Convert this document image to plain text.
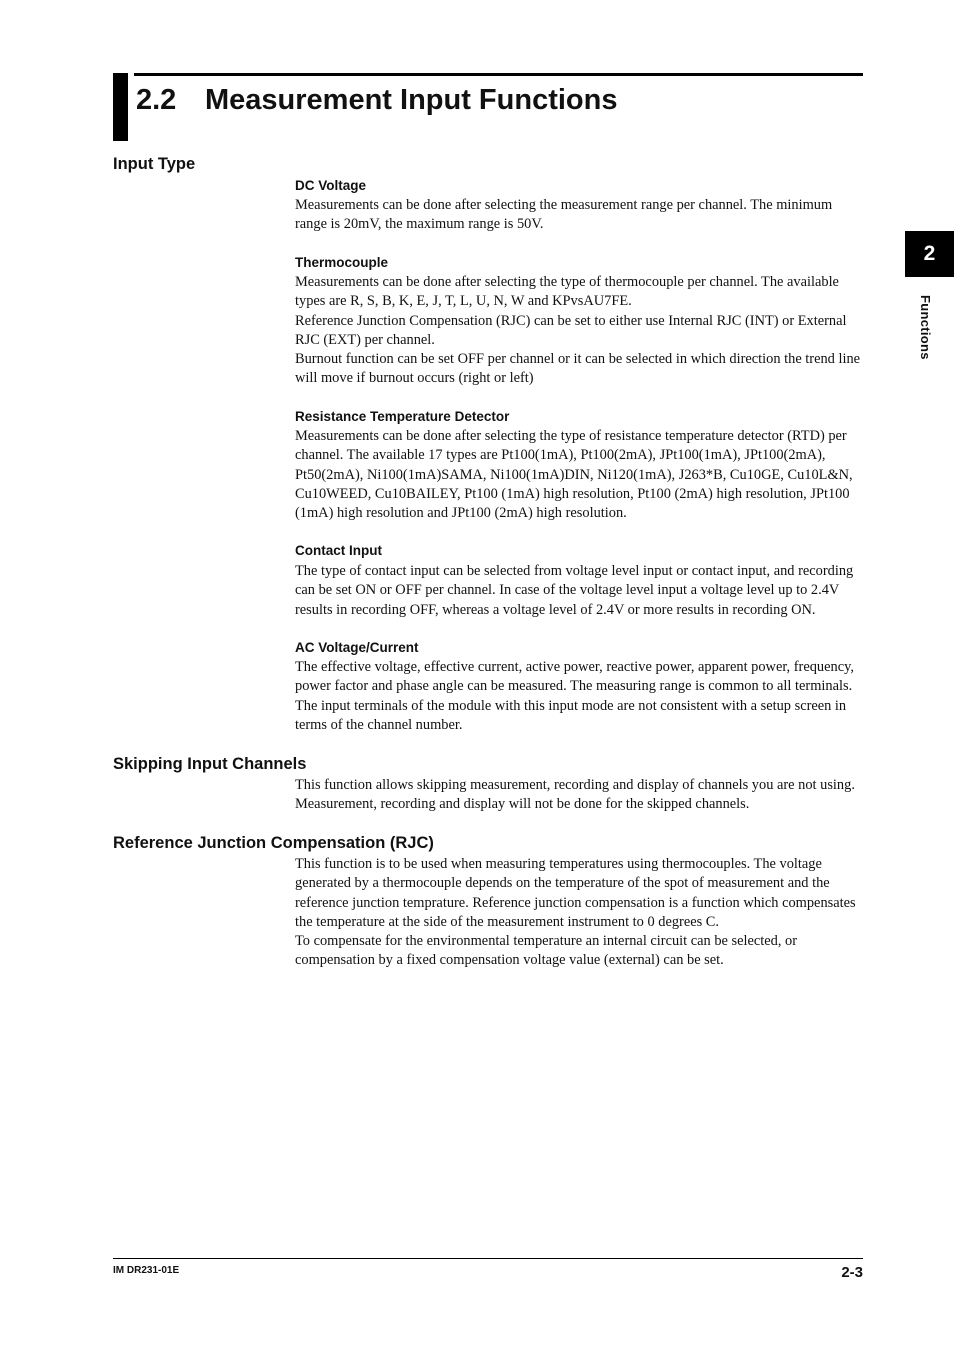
2.2 Measurement Input Functions
2
Functions
Input Type
DC Voltage

Measurements can be done after selecting the measurement range per channel. The minimum range is 20mV, the maximum range is 50V.

Thermocouple

Measurements can be done after selecting the type of thermocouple per channel. The available types are R, S, B, K, E, J, T, L, U, N, W and KPvsAU7FE.

Reference Junction Compensation (RJC) can be set to either use Internal RJC (INT) or External RJC (EXT) per channel.

Burnout function can be set OFF per channel or it can be selected in which direction the trend line will move if burnout occurs (right or left)

Resistance Temperature Detector

Measurements can be done after selecting the type of resistance temperature detector (RTD) per channel. The available 17 types are Pt100(1mA), Pt100(2mA), JPt100(1mA), JPt100(2mA), Pt50(2mA), Ni100(1mA)SAMA, Ni100(1mA)DIN, Ni120(1mA), J263*B, Cu10GE, Cu10L&N, Cu10WEED, Cu10BAILEY, Pt100 (1mA) high resolution, Pt100 (2mA) high resolution, JPt100 (1mA) high resolution and JPt100 (2mA) high resolution.

Contact Input

The type of contact input can be selected from voltage level input or contact input, and recording can be set ON or OFF per channel. In case of the voltage level input a voltage level up to 2.4V results in recording OFF, whereas a voltage level of 2.4V or more results in recording ON.

AC Voltage/Current

The effective voltage, effective current, active power, reactive power, apparent power, frequency, power factor and phase angle can be measured. The measuring range is common to all terminals. The input terminals of the module with this input mode are not consistent with a setup screen in terms of the channel number.

Skipping Input Channels

This function allows skipping measurement, recording and display of channels you are not using. Measurement, recording and display will not be done for the skipped channels.

Reference Junction Compensation (RJC)

This function is to be used when measuring temperatures using thermocouples. The voltage generated by a thermocouple depends on the temperature of the spot of measurement and the reference junction temprature. Reference junction compensation is a function which compensates the temperature at the side of the measurement instrument to 0 degrees C.

To compensate for the environmental temperature an internal circuit can be selected, or compensation by a fixed compensation voltage value (external) can be set.

IM DR231-01E	2-3
